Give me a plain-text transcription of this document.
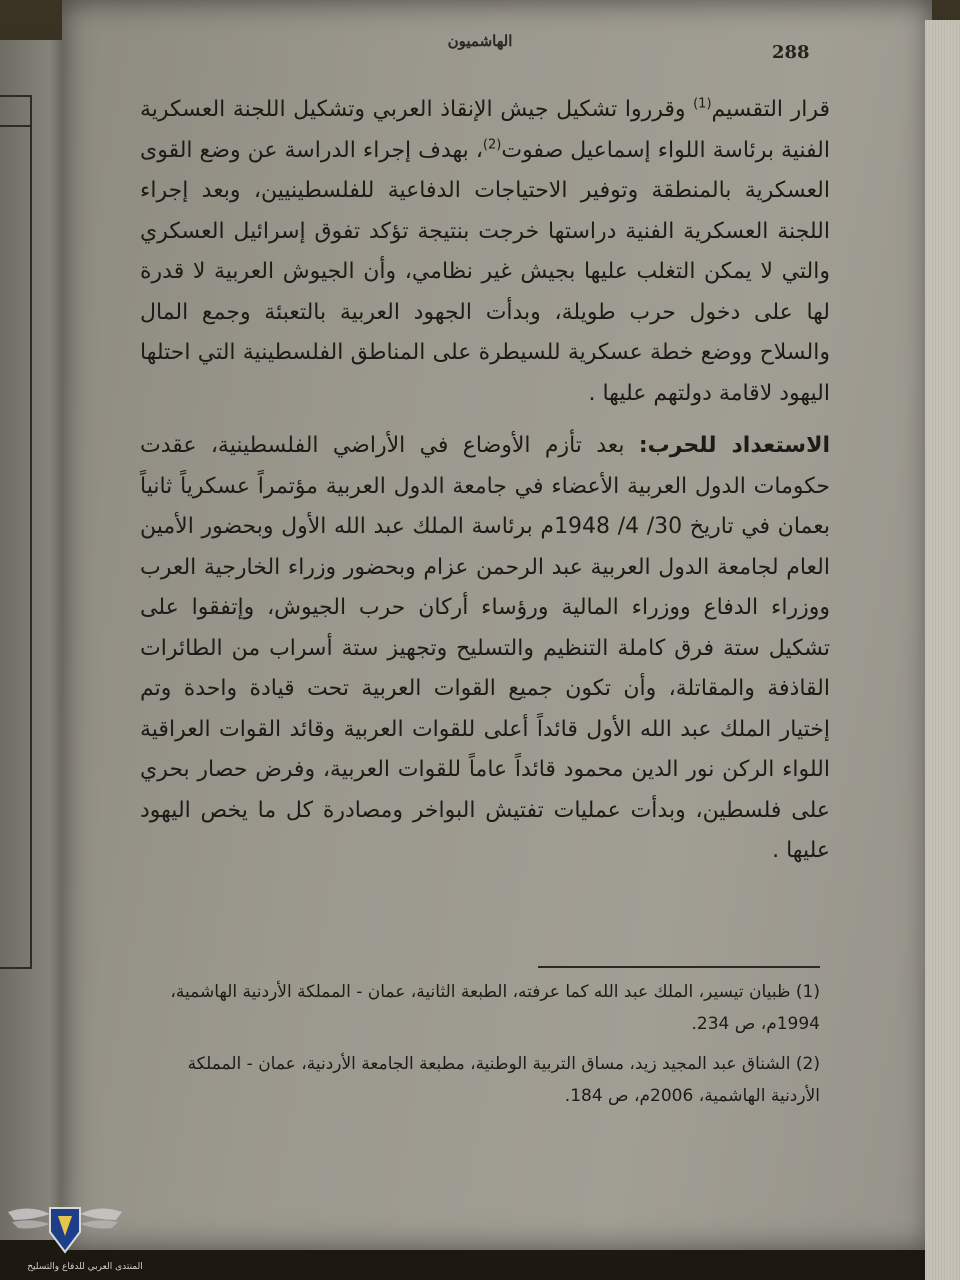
الهاشميون
288

قرار التقسيم$^{(1)}$ وقرروا تشكيل جيش الإنقاذ العربي وتشكيل اللجنة العسكرية الفنية برئاسة اللواء إسماعيل صفوت$^{(2)}$، بهدف إجراء الدراسة عن وضع القوى العسكرية بالمنطقة وتوفير الاحتياجات الدفاعية للفلسطينيين، وبعد إجراء اللجنة العسكرية الفنية دراستها خرجت بنتيجة تؤكد تفوق إسرائيل العسكري والتي لا يمكن التغلب عليها بجيش غير نظامي، وأن الجيوش العربية لا قدرة لها على دخول حرب طويلة، وبدأت الجهود العربية بالتعبئة وجمع المال والسلاح ووضع خطة عسكرية للسيطرة على المناطق الفلسطينية التي احتلها اليهود لاقامة دولتهم عليها .

الاستعداد للحرب: بعد تأزم الأوضاع في الأراضي الفلسطينية، عقدت حكومات الدول العربية الأعضاء في جامعة الدول العربية مؤتمراً عسكرياً ثانياً بعمان في تاريخ 30/ 4/ 1948م برئاسة الملك عبد الله الأول وبحضور الأمين العام لجامعة الدول العربية عبد الرحمن عزام وبحضور وزراء الخارجية العرب ووزراء الدفاع ووزراء المالية ورؤساء أركان حرب الجيوش، وإتفقوا على تشكيل ستة فرق كاملة التنظيم والتسليح وتجهيز ستة أسراب من الطائرات القاذفة والمقاتلة، وأن تكون جميع القوات العربية تحت قيادة واحدة وتم إختيار الملك عبد الله الأول قائداً أعلى للقوات العربية وقائد القوات العراقية اللواء الركن نور الدين محمود قائداً عاماً للقوات العربية، وفرض حصار بحري على فلسطين، وبدأت عمليات تفتيش البواخر ومصادرة كل ما يخص اليهود عليها .

(1) ظبيان تيسير، الملك عبد الله كما عرفته، الطبعة الثانية، عمان - المملكة الأردنية الهاشمية، 1994م، ص 234.

(2) الشناق عبد المجيد زيد، مساق التربية الوطنية، مطبعة الجامعة الأردنية، عمان - المملكة الأردنية الهاشمية، 2006م، ص 184.

المنتدى العربي للدفاع والتسليح
